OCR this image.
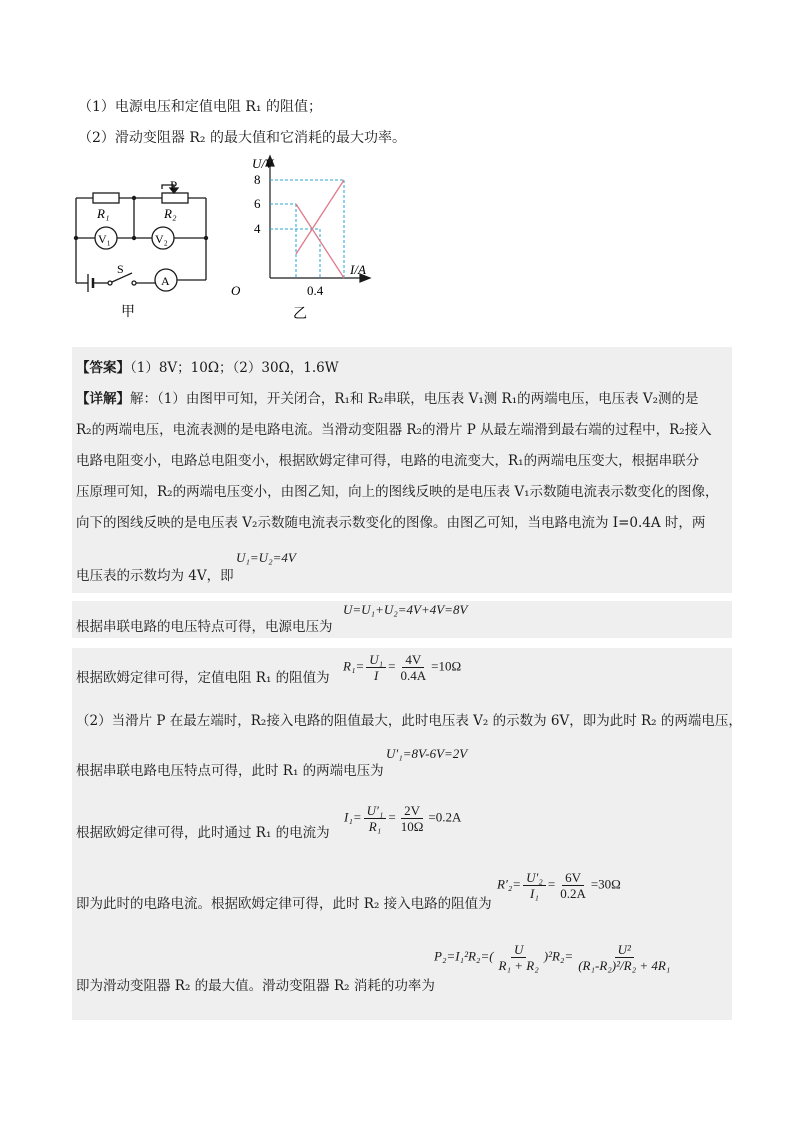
（1）电源电压和定值电阻 R₁ 的阻值；
（2）滑动变阻器 R₂ 的最大值和它消耗的最大功率。
P
R₁	R₂
V₁	V₂
S
A
甲
U/V
I/A
8
6
4
O	0.4
乙
【答案】（1）8V；10Ω；（2）30Ω，1.6W
【详解】解：（1）由图甲可知，开关闭合，R₁和 R₂串联，电压表 V₁测 R₁的两端电压，电压表 V₂测的是
R₂的两端电压，电流表测的是电路电流。当滑动变阻器 R₂的滑片 P 从最左端滑到最右端的过程中，R₂接入
电路电阻变小，电路总电阻变小，根据欧姆定律可得，电路的电流变大，R₁的两端电压变大，根据串联分
压原理可知，R₂的两端电压变小，由图乙知，向上的图线反映的是电压表 V₁示数随电流表示数变化的图像，
向下的图线反映的是电压表 V₂示数随电流表示数变化的图像。由图乙可知，当电路电流为 I=0.4A 时，两
电压表的示数均为 4V，即
U₁=U₂=4V
根据串联电路的电压特点可得，电源电压为
U=U₁+U₂=4V+4V=8V
根据欧姆定律可得，定值电阻 R₁ 的阻值为
$R_1= \frac{\text{U₁}}{I} = \frac{4V}{0.4A} =10\Omega$
（2）当滑片 P 在最左端时，R₂接入电路的阻值最大，此时电压表 V₂ 的示数为 6V，即为此时 R₂ 的两端电压，
根据串联电路电压特点可得，此时 R₁ 的两端电压为
U′₁=8V-6V=2V
根据欧姆定律可得，此时通过 R₁ 的电流为
$I_1= \frac{\text{U′₁}}{\text{R₁}} = \frac{2V}{10\Omega} =0.2A$
即为此时的电路电流。根据欧姆定律可得，此时 R₂ 接入电路的阻值为
$R'_2= \frac{\text{U′₂}}{\text{I₁}} = \frac{6V}{0.2A} =30\Omega$
即为滑动变阻器 R₂ 的最大值。滑动变阻器 R₂ 消耗的功率为
$P_2=I_1^2R_2=( \frac{U}{\text{R₁ + R₂}} )^2R_2= \frac{\text{U²}}{\text{(R₁-R₂)²/R₂ + 4R₁}}$
